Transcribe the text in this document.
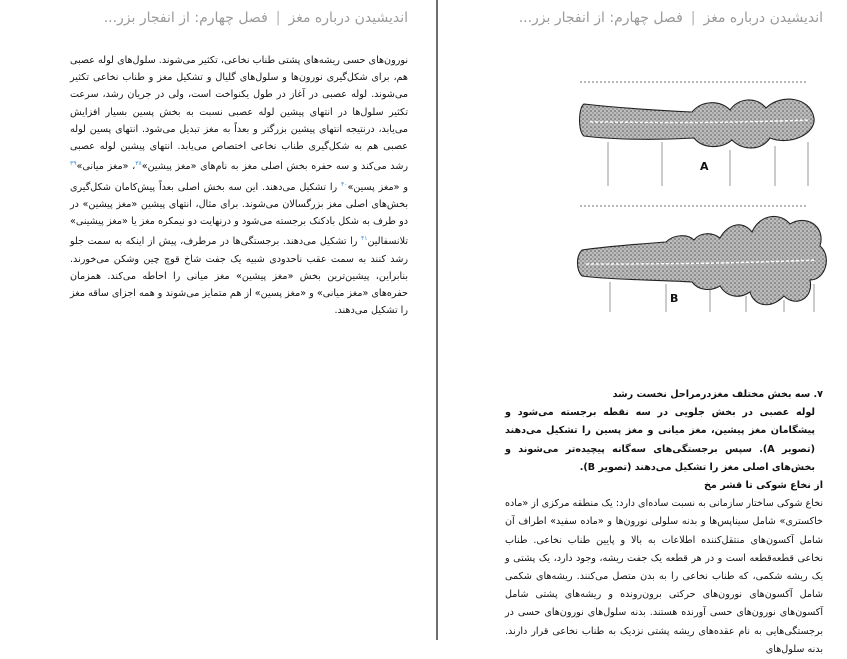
اندیشیدن درباره مغز|فصل چهارم: از انفجار بزر...

نورون‌های حسی ریشه‌های پشتی طناب نخاعی، تکثیر می‌شوند. سلول‌های لوله عصبی هم، برای شکل‌گیری نورون‌ها و سلول‌های گلیال و تشکیل مغز و طناب نخاعی تکثیر می‌شوند. لوله عصبی در آغاز در طول یکنواخت است، ولی در جریان رشد، سرعت تکثیر سلول‌ها در انتهای پیشین لوله عصبی نسبت به بخش پسین بسیار افزایش می‌یابد، درنتیجه انتهای پیشین بزرگتر و بعداً به مغز تبدیل می‌شود. انتهای پسین لوله عصبی هم به شکل‌گیری طناب نخاعی اختصاص می‌یابد. انتهای پیشین لوله عصبی رشد می‌کند و سه حفره بخش اصلی مغز به نام‌های «مغز پیشین»$^{۳۸}$، «مغز میانی»$^{۳۹}$ و «مغز پسین»$^{۴۰}$ را تشکیل می‌دهند. این سه بخش اصلی بعداً پیش‌کامان شکل‌گیری بخش‌های اصلی مغز بزرگسالان می‌شوند. برای مثال، انتهای پیشین «مغز پیشین» در دو طرف به شکل بادکنک برجسته می‌شود و درنهایت دو نیمکره مغز یا «مغز پیشینی» تلانسفالین$^{۴۱}$ را تشکیل می‌دهند. برجستگی‌ها در مرطرف، پیش از اینکه به سمت جلو رشد کنند به سمت عقب ناحدودی شبیه یک جفت شاخ قوچ چین وشکن می‌خورند. بنابراین، پیشین‌ترین بخش «مغز پیشین» مغز میانی را احاطه می‌کند. همزمان حفره‌های «مغز میانی» و «مغز پسین» از هم متمایز می‌شوند و همه اجزای ساقه مغز را تشکیل می‌دهند.

اندیشیدن درباره مغز|فصل چهارم: از انفجار بزر...
A
B

۷. سه بخش مختلف مغزدرمراحل نخست رشد

لوله عصبی در بخش جلویی در سه نقطه برجسته می‌شود و پیشگامان مغز پیشین، مغز میانی و مغز پسین را تشکیل می‌دهند (تصویر A). سپس برجستگی‌های سه‌گانه پیچیده‌تر می‌شوند و بخش‌های اصلی مغز را تشکیل می‌دهند (تصویر B).

از نخاع شوکی تا قشر مخ

نخاع شوکی ساختار سازمانی به نسبت ساده‌ای دارد: یک منطقه مرکزی از «ماده خاکستری» شامل سیناپس‌ها و بدنه سلولی نورون‌ها و «ماده سفید» اطراف آن شامل آکسون‌های منتقل‌کننده اطلاعات به بالا و پایین طناب نخاعی. طناب نخاعی قطعه‌قطعه است و در هر قطعه یک جفت ریشه، وجود دارد، یک پشتی و یک ریشه شکمی، که طناب نخاعی را به بدن متصل می‌کنند. ریشه‌های شکمی شامل آکسون‌های نورون‌های حرکتی برون‌رونده و ریشه‌های پشتی شامل آکسون‌های نورون‌های حسی آورنده هستند. بدنه سلول‌های نورون‌های حسی در برجستگی‌هایی به نام عقده‌های ریشه پشتی نزدیک به طناب نخاعی قرار دارند. بدنه سلول‌های
